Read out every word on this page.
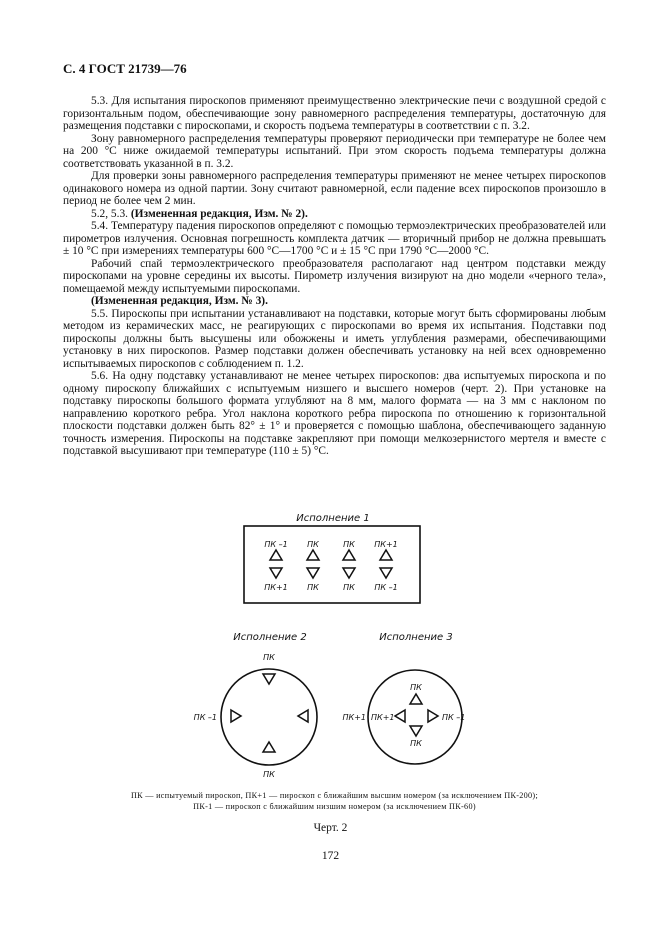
С. 4 ГОСТ 21739—76

5.3. Для испытания пироскопов применяют преимущественно электрические печи с воздушной средой с горизонтальным подом, обеспечивающие зону равномерного распределения температуры, достаточную для размещения подставки с пироскопами, и скорость подъема температуры в соответствии с п. 3.2.

Зону равномерного распределения температуры проверяют периодически при температуре не более чем на 200 °С ниже ожидаемой температуры испытаний. При этом скорость подъема температуры должна соответствовать указанной в п. 3.2.

Для проверки зоны равномерного распределения температуры применяют не менее четырех пироскопов одинакового номера из одной партии. Зону считают равномерной, если падение всех пироскопов произошло в период не более чем 2 мин.

5.2, 5.3. (Измененная редакция, Изм. № 2).

5.4. Температуру падения пироскопов определяют с помощью термоэлектрических преобразователей или пирометров излучения. Основная погрешность комплекта датчик — вторичный прибор не должна превышать ± 10 °С при измерениях температуры 600 °С—1700 °С и ± 15 °С при 1790 °С—2000 °С.

Рабочий спай термоэлектрического преобразователя располагают над центром подставки между пироскопами на уровне середины их высоты. Пирометр излучения визируют на дно модели «черного тела», помещаемой между испытуемыми пироскопами.

(Измененная редакция, Изм. № 3).

5.5. Пироскопы при испытании устанавливают на подставки, которые могут быть сформированы любым методом из керамических масс, не реагирующих с пироскопами во время их испытания. Подставки под пироскопы должны быть высушены или обожжены и иметь углубления размерами, обеспечивающими установку в них пироскопов. Размер подставки должен обеспечивать установку на ней всех одновременно испытываемых пироскопов с соблюдением п. 1.2.

5.6. На одну подставку устанавливают не менее четырех пироскопов: два испытуемых пироскопа и по одному пироскопу ближайших с испытуемым низшего и высшего номеров (черт. 2). При установке на подставку пироскопы большого формата углубляют на 8 мм, малого формата — на 3 мм с наклоном по направлению короткого ребра. Угол наклона короткого ребра пироскопа по отношению к горизонтальной плоскости подставки должен быть 82° ± 1° и проверяется с помощью шаблона, обеспечивающего заданную точность измерения. Пироскопы на подставке закрепляют при помощи мелкозернистого мертеля и вместе с подставкой высушивают при температуре (110 ± 5) °С.

Исполнение 1
ПК –1 ПК	ПК ПК+1
ПК+1 ПК	ПК ПК –1
Исполнение 2
ПК
ПК
ПК –1
Исполнение 3
ПК
ПК
ПК+1 ПК+1	ПК –1
ПК — испытуемый пироскоп, ПК+1 — пироскоп с ближайшим высшим номером (за исключением ПК-200);
ПК-1 — пироскоп с ближайшим низшим номером (за исключением ПК-60)
Черт. 2
172
